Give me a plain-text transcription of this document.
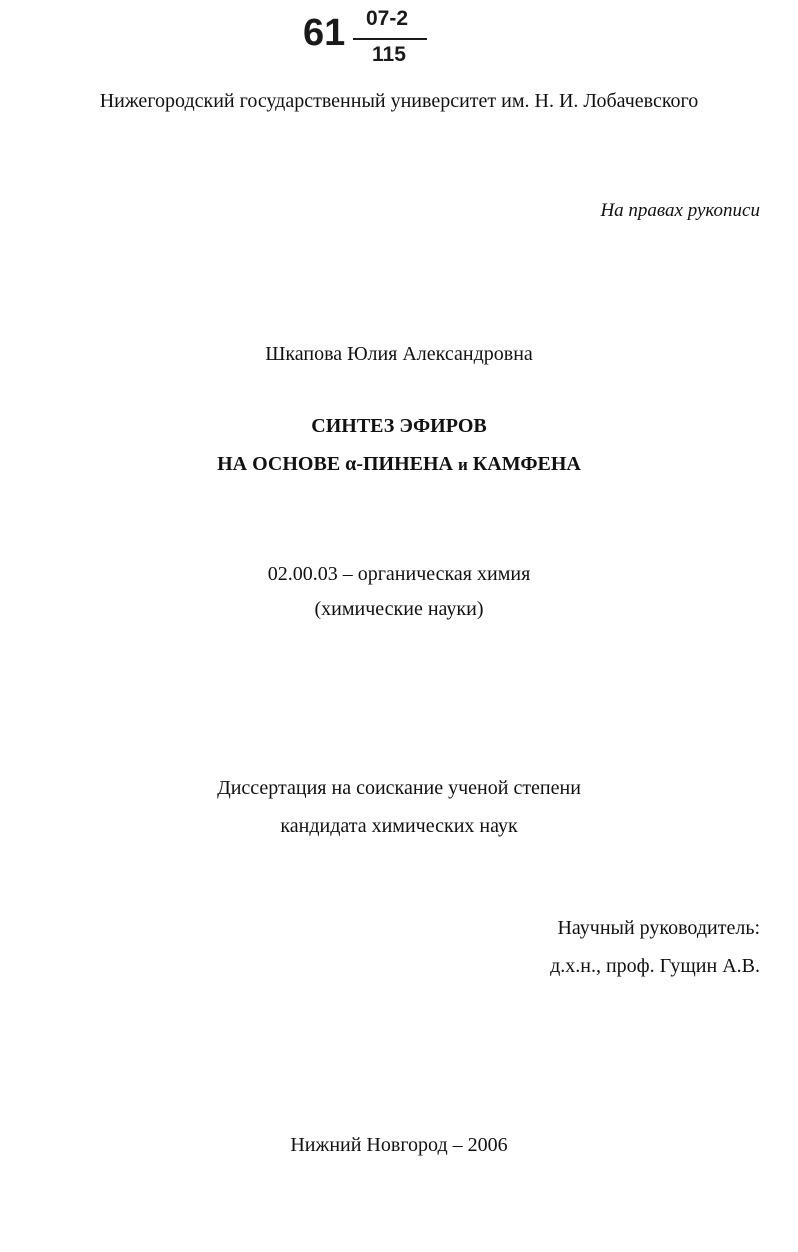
61 07-2
115
Нижегородский государственный университет им. Н. И. Лобачевского
На правах рукописи
Шкапова Юлия Александровна
СИНТЕЗ ЭФИРОВ
НА ОСНОВЕ α-ПИНЕНА и КАМФЕНА
02.00.03 – органическая химия
(химические науки)
Диссертация на соискание ученой степени
кандидата химических наук
Научный руководитель:
д.х.н., проф. Гущин А.В.
Нижний Новгород – 2006
